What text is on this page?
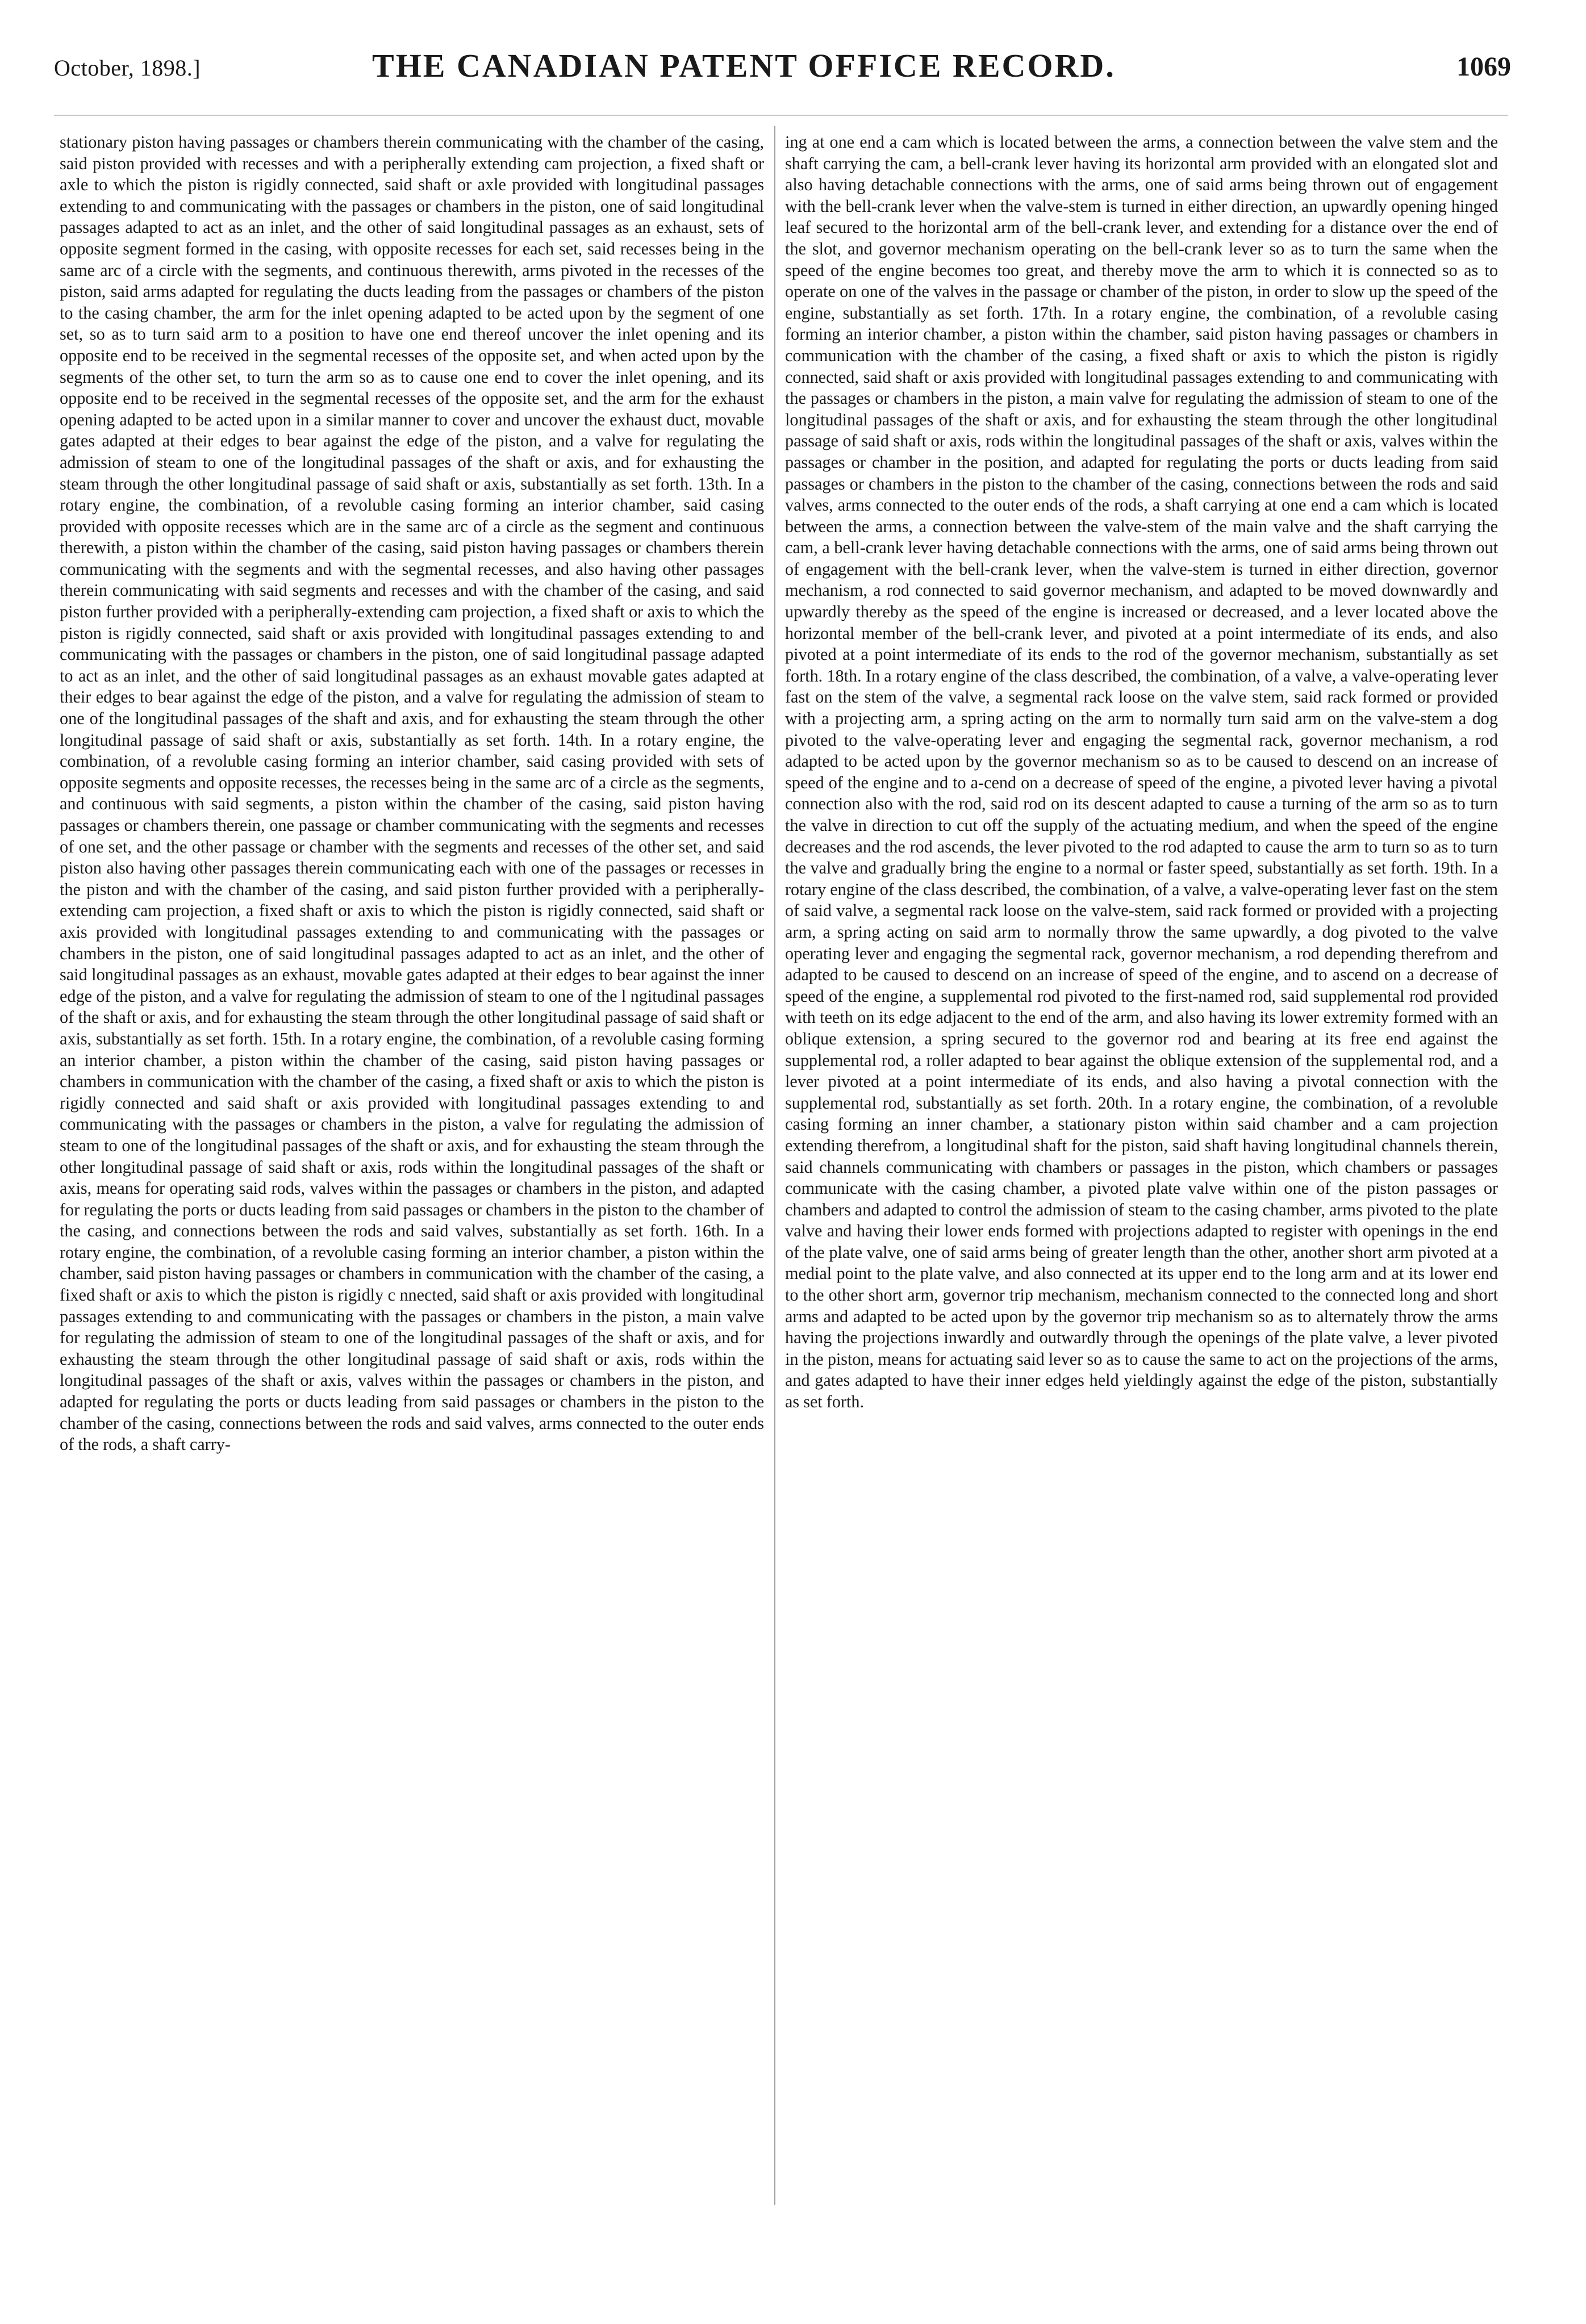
October, 1898.]	THE CANADIAN PATENT OFFICE RECORD.	1069

stationary piston having passages or chambers therein communicating with the chamber of the casing, said piston provided with recesses and with a peripherally extending cam projection, a fixed shaft or axle to which the piston is rigidly connected, said shaft or axle provided with longitudinal passages extending to and communicating with the passages or chambers in the piston, one of said longitudinal passages adapted to act as an inlet, and the other of said longitudinal passages as an exhaust, sets of opposite segment formed in the casing, with opposite recesses for each set, said recesses being in the same arc of a circle with the segments, and continuous therewith, arms pivoted in the recesses of the piston, said arms adapted for regulating the ducts leading from the passages or chambers of the piston to the casing chamber, the arm for the inlet opening adapted to be acted upon by the segment of one set, so as to turn said arm to a position to have one end thereof uncover the inlet opening and its opposite end to be received in the segmental recesses of the opposite set, and when acted upon by the segments of the other set, to turn the arm so as to cause one end to cover the inlet opening, and its opposite end to be received in the segmental recesses of the opposite set, and the arm for the exhaust opening adapted to be acted upon in a similar manner to cover and uncover the exhaust duct, movable gates adapted at their edges to bear against the edge of the piston, and a valve for regulating the admission of steam to one of the longitudinal passages of the shaft or axis, and for exhausting the steam through the other longitudinal passage of said shaft or axis, substantially as set forth. 13th. In a rotary engine, the combination, of a revoluble casing forming an interior chamber, said casing provided with opposite recesses which are in the same arc of a circle as the segment and continuous therewith, a piston within the chamber of the casing, said piston having passages or chambers therein communicating with the segments and with the segmental recesses, and also having other passages therein communicating with said segments and recesses and with the chamber of the casing, and said piston further provided with a peripherally-extending cam projection, a fixed shaft or axis to which the piston is rigidly connected, said shaft or axis provided with longitudinal passages extending to and communicating with the passages or chambers in the piston, one of said longitudinal passage adapted to act as an inlet, and the other of said longitudinal passages as an exhaust movable gates adapted at their edges to bear against the edge of the piston, and a valve for regulating the admission of steam to one of the longitudinal passages of the shaft and axis, and for exhausting the steam through the other longitudinal passage of said shaft or axis, substantially as set forth. 14th. In a rotary engine, the combination, of a revoluble casing forming an interior chamber, said casing provided with sets of opposite segments and opposite recesses, the recesses being in the same arc of a circle as the segments, and continuous with said segments, a piston within the chamber of the casing, said piston having passages or chambers therein, one passage or chamber communicating with the segments and recesses of one set, and the other passage or chamber with the segments and recesses of the other set, and said piston also having other passages therein communicating each with one of the passages or recesses in the piston and with the chamber of the casing, and said piston further provided with a peripherally-extending cam projection, a fixed shaft or axis to which the piston is rigidly connected, said shaft or axis provided with longitudinal passages extending to and communicating with the passages or chambers in the piston, one of said longitudinal passages adapted to act as an inlet, and the other of said longitudinal passages as an exhaust, movable gates adapted at their edges to bear against the inner edge of the piston, and a valve for regulating the admission of steam to one of the l ngitudinal passages of the shaft or axis, and for exhausting the steam through the other longitudinal passage of said shaft or axis, substantially as set forth. 15th. In a rotary engine, the combination, of a revoluble casing forming an interior chamber, a piston within the chamber of the casing, said piston having passages or chambers in communication with the chamber of the casing, a fixed shaft or axis to which the piston is rigidly connected and said shaft or axis provided with longitudinal passages extending to and communicating with the passages or chambers in the piston, a valve for regulating the admission of steam to one of the longitudinal passages of the shaft or axis, and for exhausting the steam through the other longitudinal passage of said shaft or axis, rods within the longitudinal passages of the shaft or axis, means for operating said rods, valves within the passages or chambers in the piston, and adapted for regulating the ports or ducts leading from said passages or chambers in the piston to the chamber of the casing, and connections between the rods and said valves, substantially as set forth. 16th. In a rotary engine, the combination, of a revoluble casing forming an interior chamber, a piston within the chamber, said piston having passages or chambers in communication with the chamber of the casing, a fixed shaft or axis to which the piston is rigidly c nnected, said shaft or axis provided with longitudinal passages extending to and communicating with the passages or chambers in the piston, a main valve for regulating the admission of steam to one of the longitudinal passages of the shaft or axis, and for exhausting the steam through the other longitudinal passage of said shaft or axis, rods within the longitudinal passages of the shaft or axis, valves within the passages or chambers in the piston, and adapted for regulating the ports or ducts leading from said passages or chambers in the piston to the chamber of the casing, connections between the rods and said valves, arms connected to the outer ends of the rods, a shaft carry-

ing at one end a cam which is located between the arms, a connection between the valve stem and the shaft carrying the cam, a bell-crank lever having its horizontal arm provided with an elongated slot and also having detachable connections with the arms, one of said arms being thrown out of engagement with the bell-crank lever when the valve-stem is turned in either direction, an upwardly opening hinged leaf secured to the horizontal arm of the bell-crank lever, and extending for a distance over the end of the slot, and governor mechanism operating on the bell-crank lever so as to turn the same when the speed of the engine becomes too great, and thereby move the arm to which it is connected so as to operate on one of the valves in the passage or chamber of the piston, in order to slow up the speed of the engine, substantially as set forth. 17th. In a rotary engine, the combination, of a revoluble casing forming an interior chamber, a piston within the chamber, said piston having passages or chambers in communication with the chamber of the casing, a fixed shaft or axis to which the piston is rigidly connected, said shaft or axis provided with longitudinal passages extending to and communicating with the passages or chambers in the piston, a main valve for regulating the admission of steam to one of the longitudinal passages of the shaft or axis, and for exhausting the steam through the other longitudinal passage of said shaft or axis, rods within the longitudinal passages of the shaft or axis, valves within the passages or chamber in the position, and adapted for regulating the ports or ducts leading from said passages or chambers in the piston to the chamber of the casing, connections between the rods and said valves, arms connected to the outer ends of the rods, a shaft carrying at one end a cam which is located between the arms, a connection between the valve-stem of the main valve and the shaft carrying the cam, a bell-crank lever having detachable connections with the arms, one of said arms being thrown out of engagement with the bell-crank lever, when the valve-stem is turned in either direction, governor mechanism, a rod connected to said governor mechanism, and adapted to be moved downwardly and upwardly thereby as the speed of the engine is increased or decreased, and a lever located above the horizontal member of the bell-crank lever, and pivoted at a point intermediate of its ends, and also pivoted at a point intermediate of its ends to the rod of the governor mechanism, substantially as set forth. 18th. In a rotary engine of the class described, the combination, of a valve, a valve-operating lever fast on the stem of the valve, a segmental rack loose on the valve stem, said rack formed or provided with a projecting arm, a spring acting on the arm to normally turn said arm on the valve-stem a dog pivoted to the valve-operating lever and engaging the segmental rack, governor mechanism, a rod adapted to be acted upon by the governor mechanism so as to be caused to descend on an increase of speed of the engine and to a-cend on a decrease of speed of the engine, a pivoted lever having a pivotal connection also with the rod, said rod on its descent adapted to cause a turning of the arm so as to turn the valve in direction to cut off the supply of the actuating medium, and when the speed of the engine decreases and the rod ascends, the lever pivoted to the rod adapted to cause the arm to turn so as to turn the valve and gradually bring the engine to a normal or faster speed, substantially as set forth. 19th. In a rotary engine of the class described, the combination, of a valve, a valve-operating lever fast on the stem of said valve, a segmental rack loose on the valve-stem, said rack formed or provided with a projecting arm, a spring acting on said arm to normally throw the same upwardly, a dog pivoted to the valve operating lever and engaging the segmental rack, governor mechanism, a rod depending therefrom and adapted to be caused to descend on an increase of speed of the engine, and to ascend on a decrease of speed of the engine, a supplemental rod pivoted to the first-named rod, said supplemental rod provided with teeth on its edge adjacent to the end of the arm, and also having its lower extremity formed with an oblique extension, a spring secured to the governor rod and bearing at its free end against the supplemental rod, a roller adapted to bear against the oblique extension of the supplemental rod, and a lever pivoted at a point intermediate of its ends, and also having a pivotal connection with the supplemental rod, substantially as set forth. 20th. In a rotary engine, the combination, of a revoluble casing forming an inner chamber, a stationary piston within said chamber and a cam projection extending therefrom, a longitudinal shaft for the piston, said shaft having longitudinal channels therein, said channels communicating with chambers or passages in the piston, which chambers or passages communicate with the casing chamber, a pivoted plate valve within one of the piston passages or chambers and adapted to control the admission of steam to the casing chamber, arms pivoted to the plate valve and having their lower ends formed with projections adapted to register with openings in the end of the plate valve, one of said arms being of greater length than the other, another short arm pivoted at a medial point to the plate valve, and also connected at its upper end to the long arm and at its lower end to the other short arm, governor trip mechanism, mechanism connected to the connected long and short arms and adapted to be acted upon by the governor trip mechanism so as to alternately throw the arms having the projections inwardly and outwardly through the openings of the plate valve, a lever pivoted in the piston, means for actuating said lever so as to cause the same to act on the projections of the arms, and gates adapted to have their inner edges held yieldingly against the edge of the piston, substantially as set forth.
